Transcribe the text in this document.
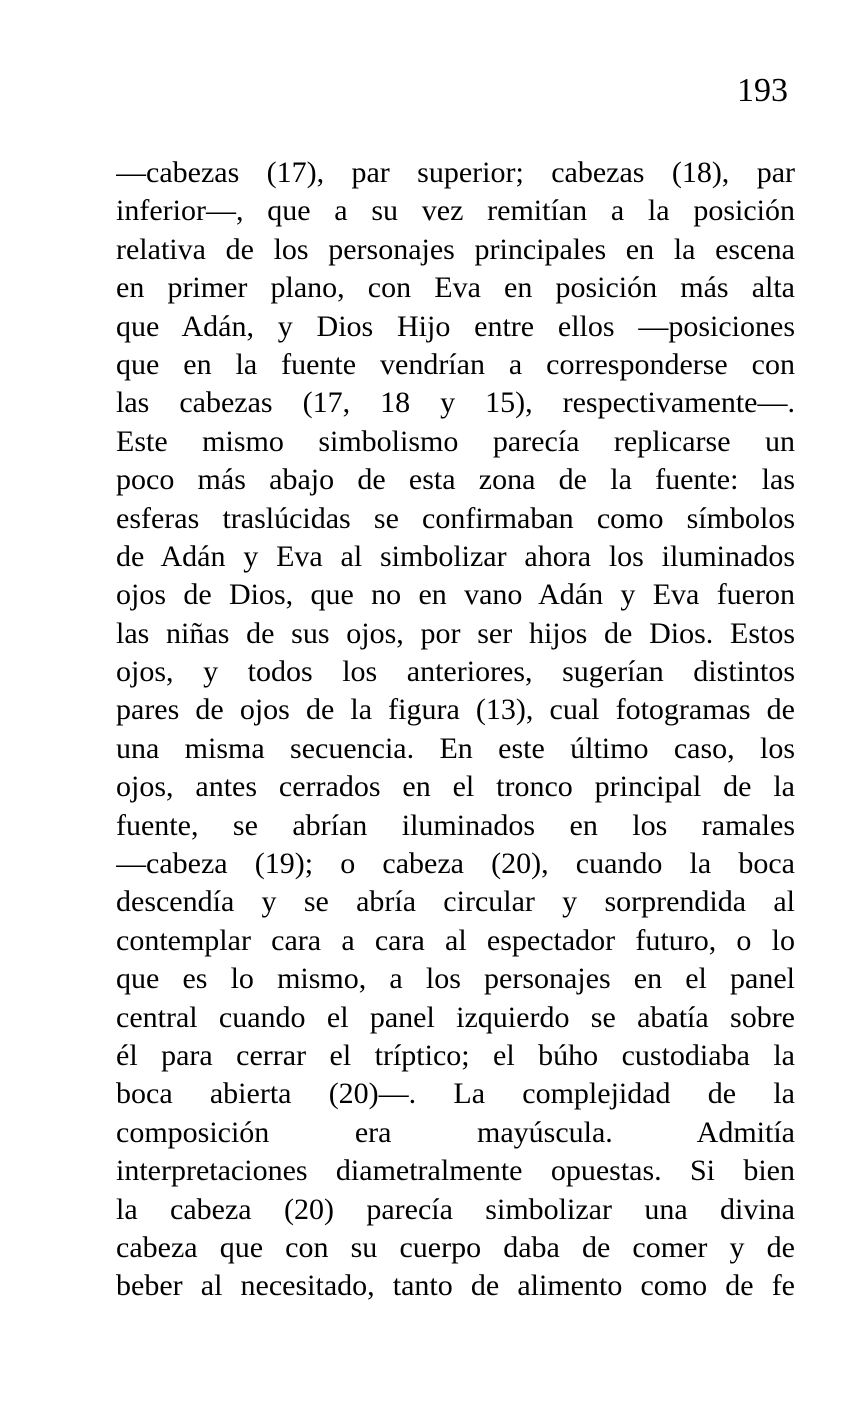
193
—cabezas (17), par superior; cabezas (18), par
inferior—, que a su vez remitían a la posición
relativa de los personajes principales en la escena
en primer plano, con Eva en posición más alta
que Adán, y Dios Hijo entre ellos —posiciones
que en la fuente vendrían a corresponderse con
las cabezas (17, 18 y 15), respectivamente—.
Este mismo simbolismo parecía replicarse un
poco más abajo de esta zona de la fuente: las
esferas traslúcidas se confirmaban como símbolos
de Adán y Eva al simbolizar ahora los iluminados
ojos de Dios, que no en vano Adán y Eva fueron
las niñas de sus ojos, por ser hijos de Dios. Estos
ojos, y todos los anteriores, sugerían distintos
pares de ojos de la figura (13), cual fotogramas de
una misma secuencia. En este último caso, los
ojos, antes cerrados en el tronco principal de la
fuente, se abrían iluminados en los ramales
—cabeza (19); o cabeza (20), cuando la boca
descendía y se abría circular y sorprendida al
contemplar cara a cara al espectador futuro, o lo
que es lo mismo, a los personajes en el panel
central cuando el panel izquierdo se abatía sobre
él para cerrar el tríptico; el búho custodiaba la
boca abierta (20)—. La complejidad de la
composición era mayúscula. Admitía
interpretaciones diametralmente opuestas. Si bien
la cabeza (20) parecía simbolizar una divina
cabeza que con su cuerpo daba de comer y de
beber al necesitado, tanto de alimento como de fe
